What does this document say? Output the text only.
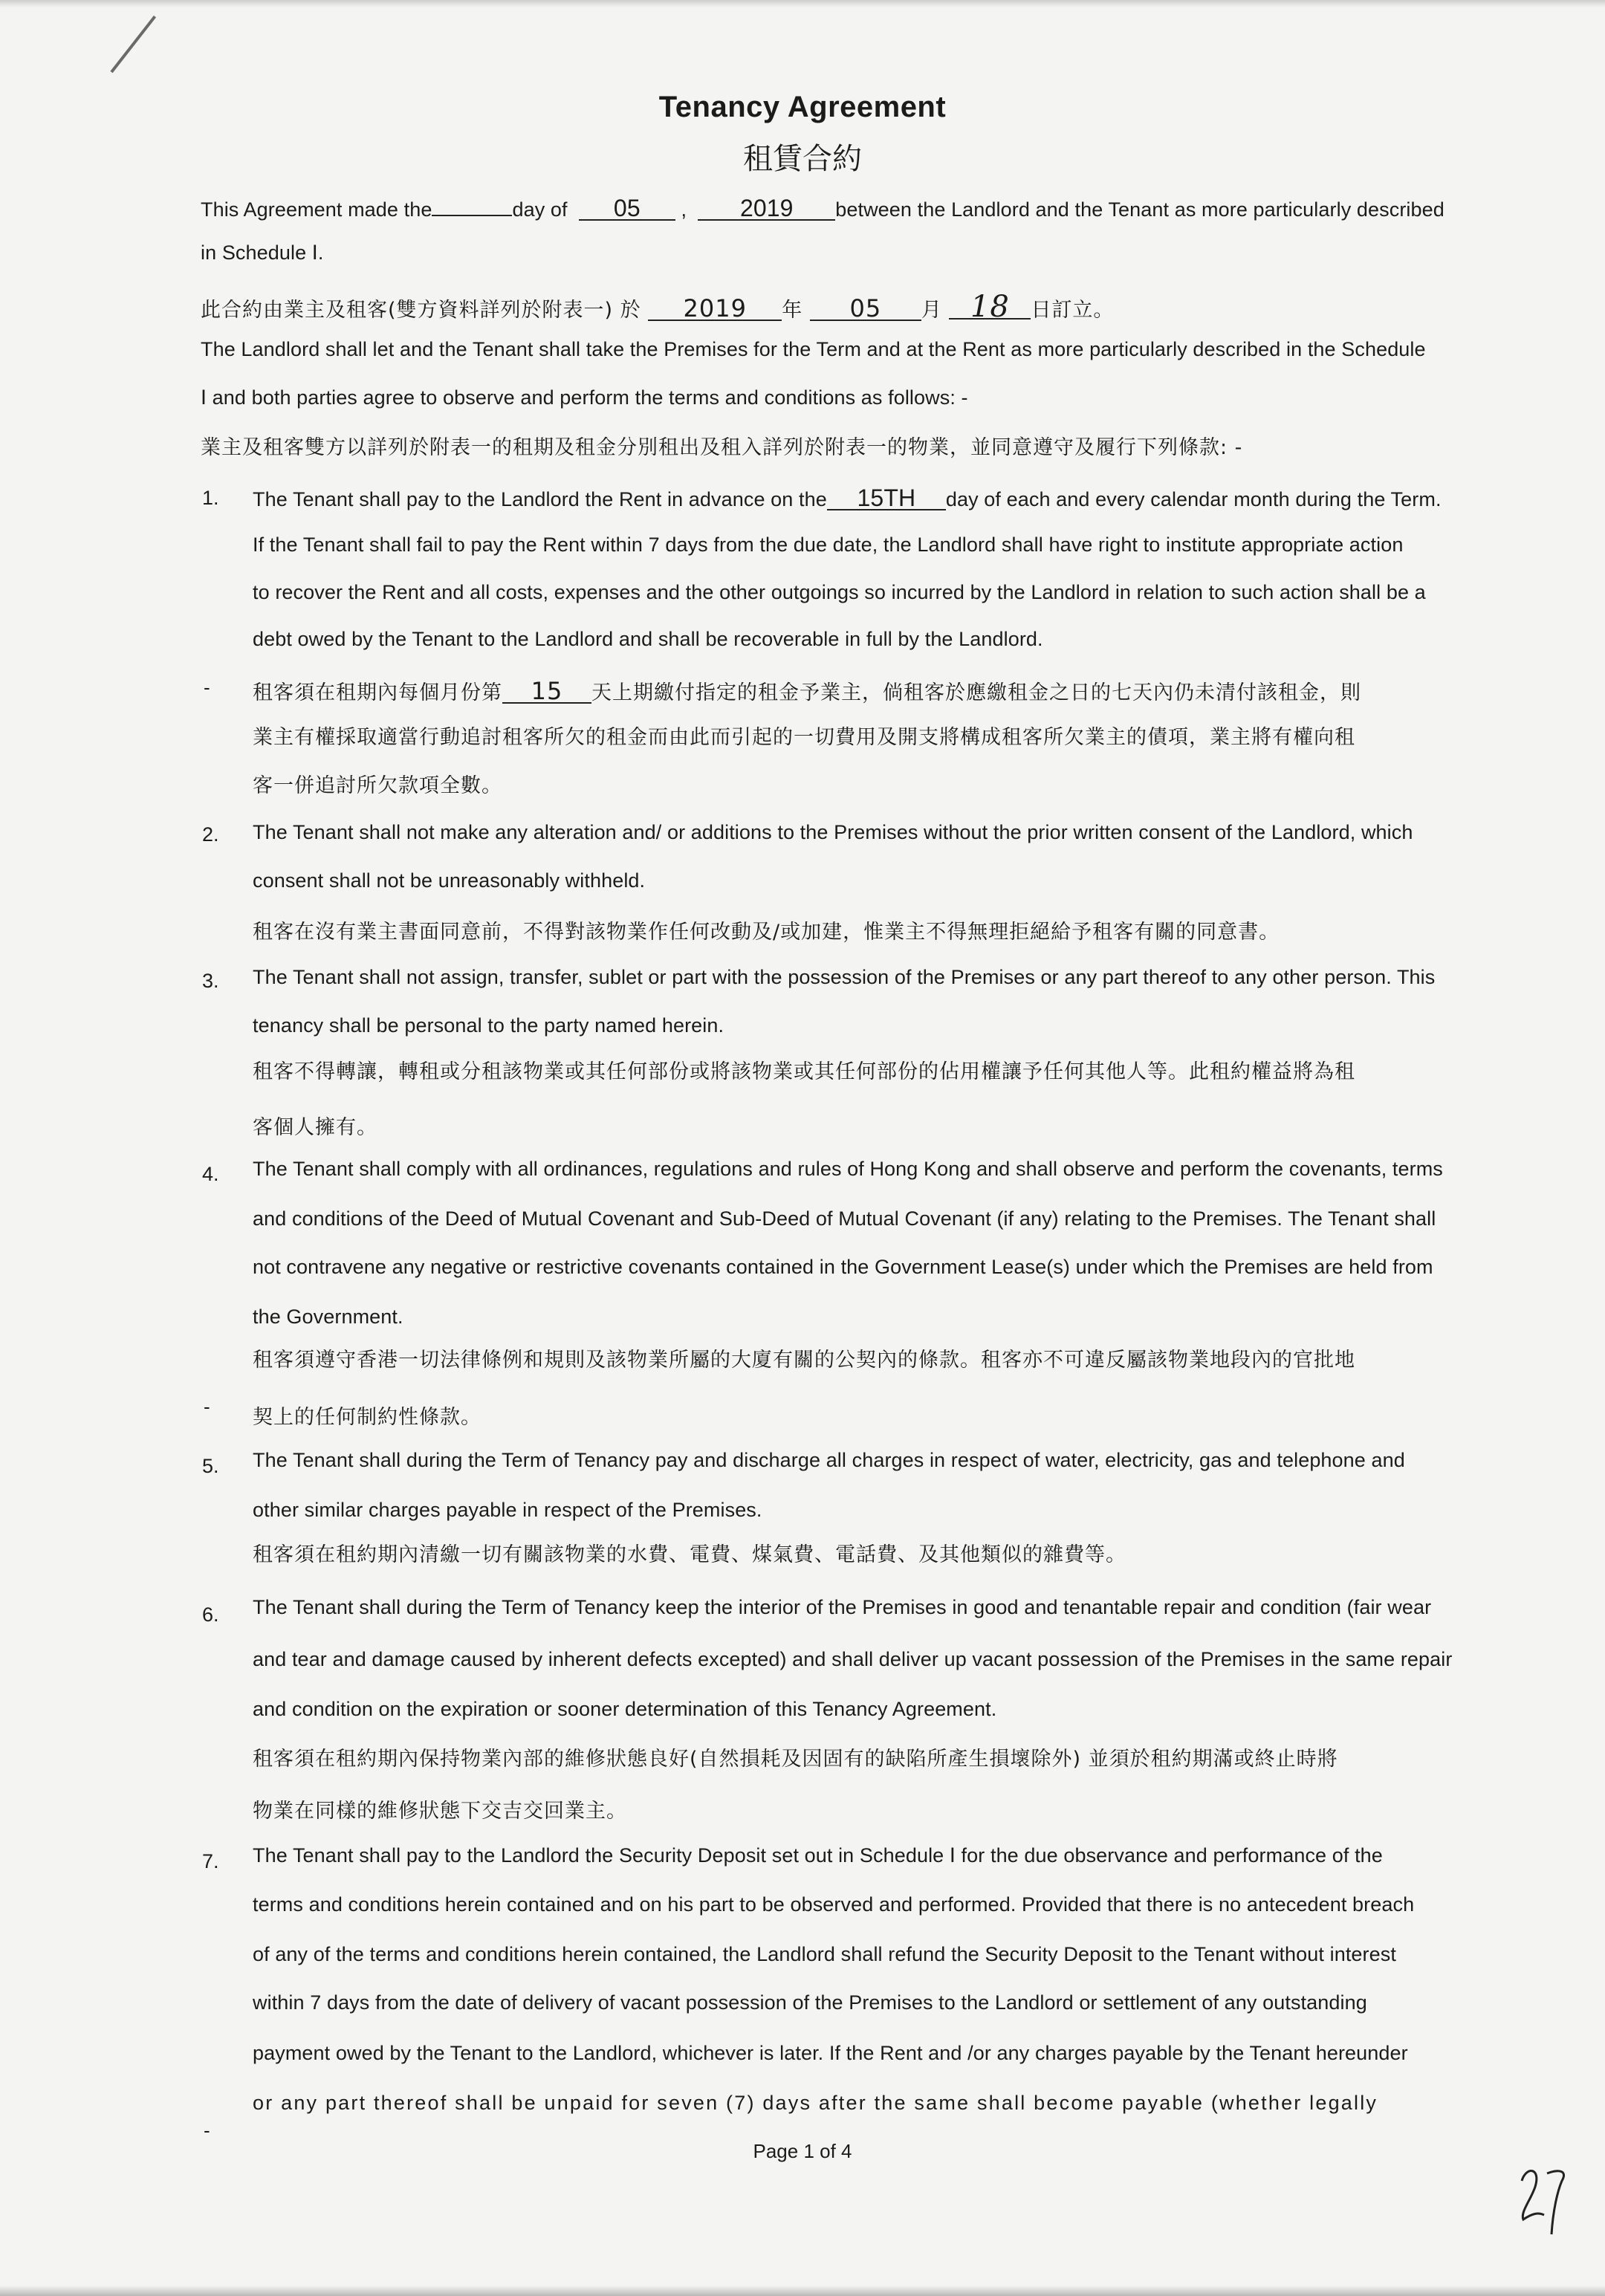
Tenancy Agreement
租賃合約
This Agreement made the	day of 05 , 2019 between the Landlord and the Tenant as more particularly described
in Schedule Ⅰ.
此合約由業主及租客(雙方資料詳列於附表一) 於 2019 年 05 月 18 日訂立。
The Landlord shall let and the Tenant shall take the Premises for the Term and at the Rent as more particularly described in the Schedule
Ⅰ and both parties agree to observe and perform the terms and conditions as follows: -
業主及租客雙方以詳列於附表一的租期及租金分別租出及租入詳列於附表一的物業，並同意遵守及履行下列條款: -
1. The Tenant shall pay to the Landlord the Rent in advance on the 15TH day of each and every calendar month during the Term.
If the Tenant shall fail to pay the Rent within 7 days from the due date, the Landlord shall have right to institute appropriate action
to recover the Rent and all costs, expenses and the other outgoings so incurred by the Landlord in relation to such action shall be a
debt owed by the Tenant to the Landlord and shall be recoverable in full by the Landlord.
- 租客須在租期內每個月份第 15 天上期繳付指定的租金予業主，倘租客於應繳租金之日的七天內仍未清付該租金，則
業主有權採取適當行動追討租客所欠的租金而由此而引起的一切費用及開支將構成租客所欠業主的債項，業主將有權向租
客一併追討所欠款項全數。
2. The Tenant shall not make any alteration and/ or additions to the Premises without the prior written consent of the Landlord, which
consent shall not be unreasonably withheld.
租客在沒有業主書面同意前，不得對該物業作任何改動及/或加建，惟業主不得無理拒絕給予租客有關的同意書。
3. The Tenant shall not assign, transfer, sublet or part with the possession of the Premises or any part thereof to any other person. This
tenancy shall be personal to the party named herein.
租客不得轉讓，轉租或分租該物業或其任何部份或將該物業或其任何部份的佔用權讓予任何其他人等。此租約權益將為租
客個人擁有。
4. The Tenant shall comply with all ordinances, regulations and rules of Hong Kong and shall observe and perform the covenants, terms
and conditions of the Deed of Mutual Covenant and Sub-Deed of Mutual Covenant (if any) relating to the Premises. The Tenant shall
not contravene any negative or restrictive covenants contained in the Government Lease(s) under which the Premises are held from
the Government.
租客須遵守香港一切法律條例和規則及該物業所屬的大廈有關的公契內的條款。租客亦不可違反屬該物業地段內的官批地
- 契上的任何制約性條款。
5. The Tenant shall during the Term of Tenancy pay and discharge all charges in respect of water, electricity, gas and telephone and
other similar charges payable in respect of the Premises.
租客須在租約期內清繳一切有關該物業的水費、電費、煤氣費、電話費、及其他類似的雜費等。
6. The Tenant shall during the Term of Tenancy keep the interior of the Premises in good and tenantable repair and condition (fair wear
and tear and damage caused by inherent defects excepted) and shall deliver up vacant possession of the Premises in the same repair
and condition on the expiration or sooner determination of this Tenancy Agreement.
租客須在租約期內保持物業內部的維修狀態良好(自然損耗及因固有的缺陷所產生損壞除外) 並須於租約期滿或終止時將
物業在同樣的維修狀態下交吉交回業主。
7. The Tenant shall pay to the Landlord the Security Deposit set out in Schedule Ⅰ for the due observance and performance of the
terms and conditions herein contained and on his part to be observed and performed. Provided that there is no antecedent breach
of any of the terms and conditions herein contained, the Landlord shall refund the Security Deposit to the Tenant without interest
within 7 days from the date of delivery of vacant possession of the Premises to the Landlord or settlement of any outstanding
payment owed by the Tenant to the Landlord, whichever is later. If the Rent and /or any charges payable by the Tenant hereunder
or any part thereof shall be unpaid for seven (7) days after the same shall become payable (whether legally
-
Page 1 of 4
